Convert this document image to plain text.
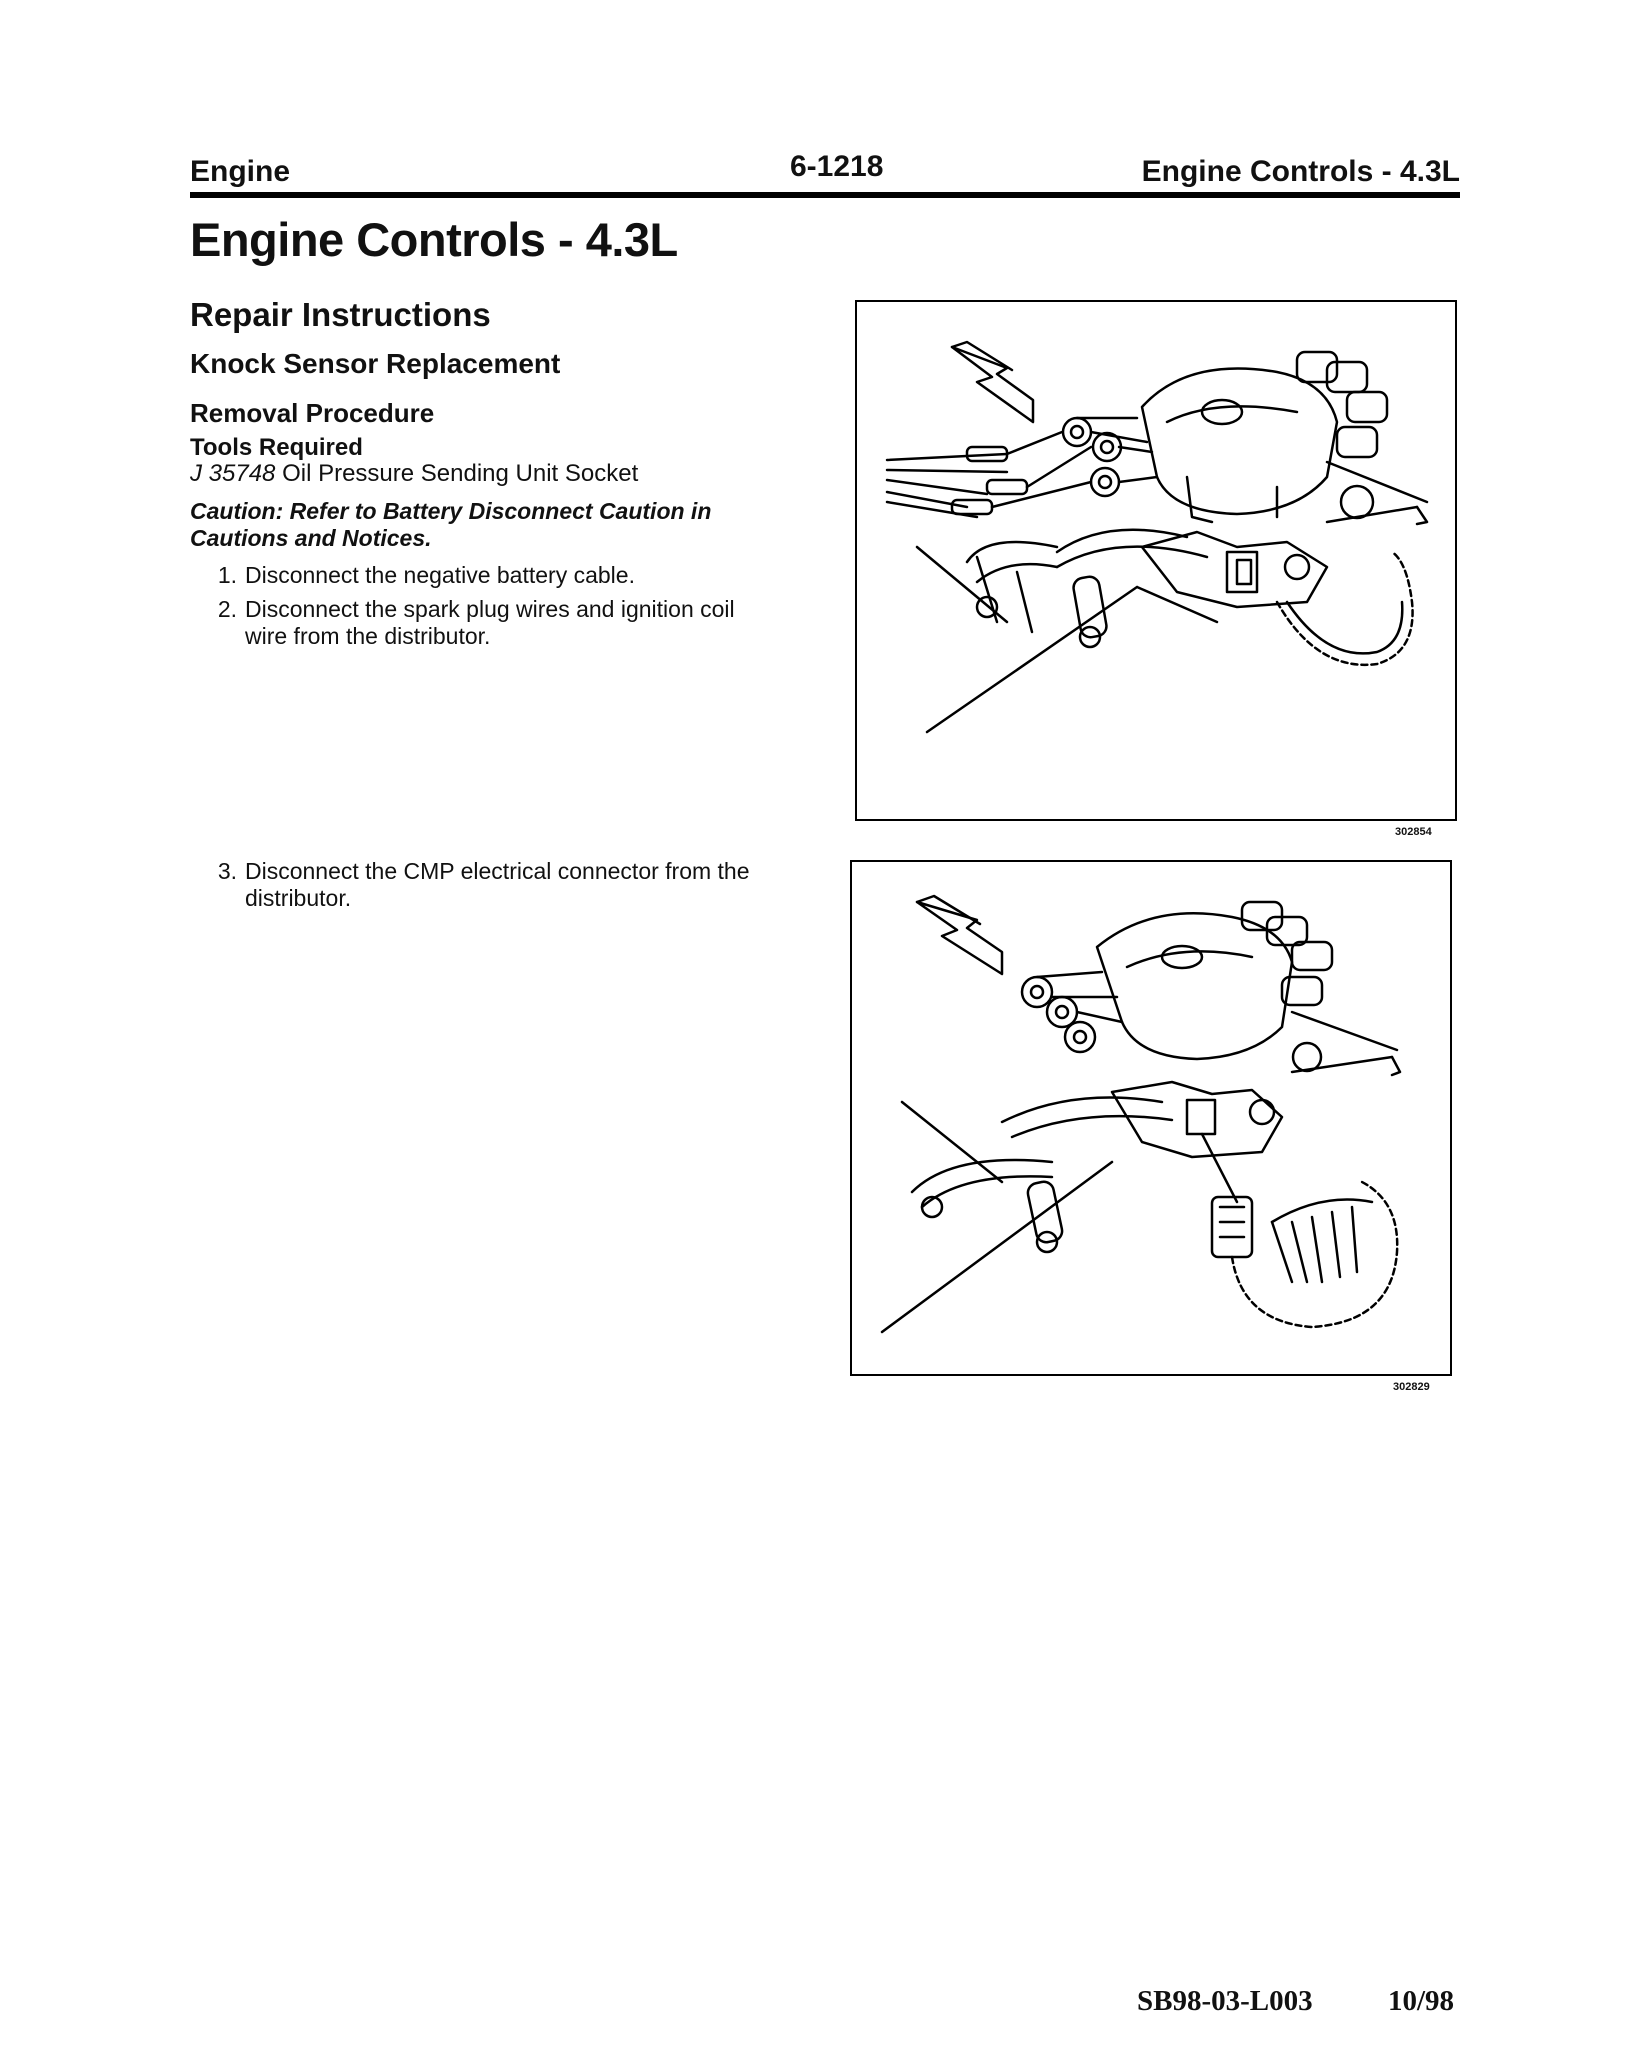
Engine	6-1218	Engine Controls - 4.3L
Engine Controls - 4.3L
Repair Instructions
Knock Sensor Replacement
Removal Procedure
Tools Required
J 35748 Oil Pressure Sending Unit Socket
Caution: Refer to Battery Disconnect Caution in Cautions and Notices.
1. Disconnect the negative battery cable.
2. Disconnect the spark plug wires and ignition coil wire from the distributor.
3. Disconnect the CMP electrical connector from the distributor.
302854
302829
SB98-03-L003	10/98
